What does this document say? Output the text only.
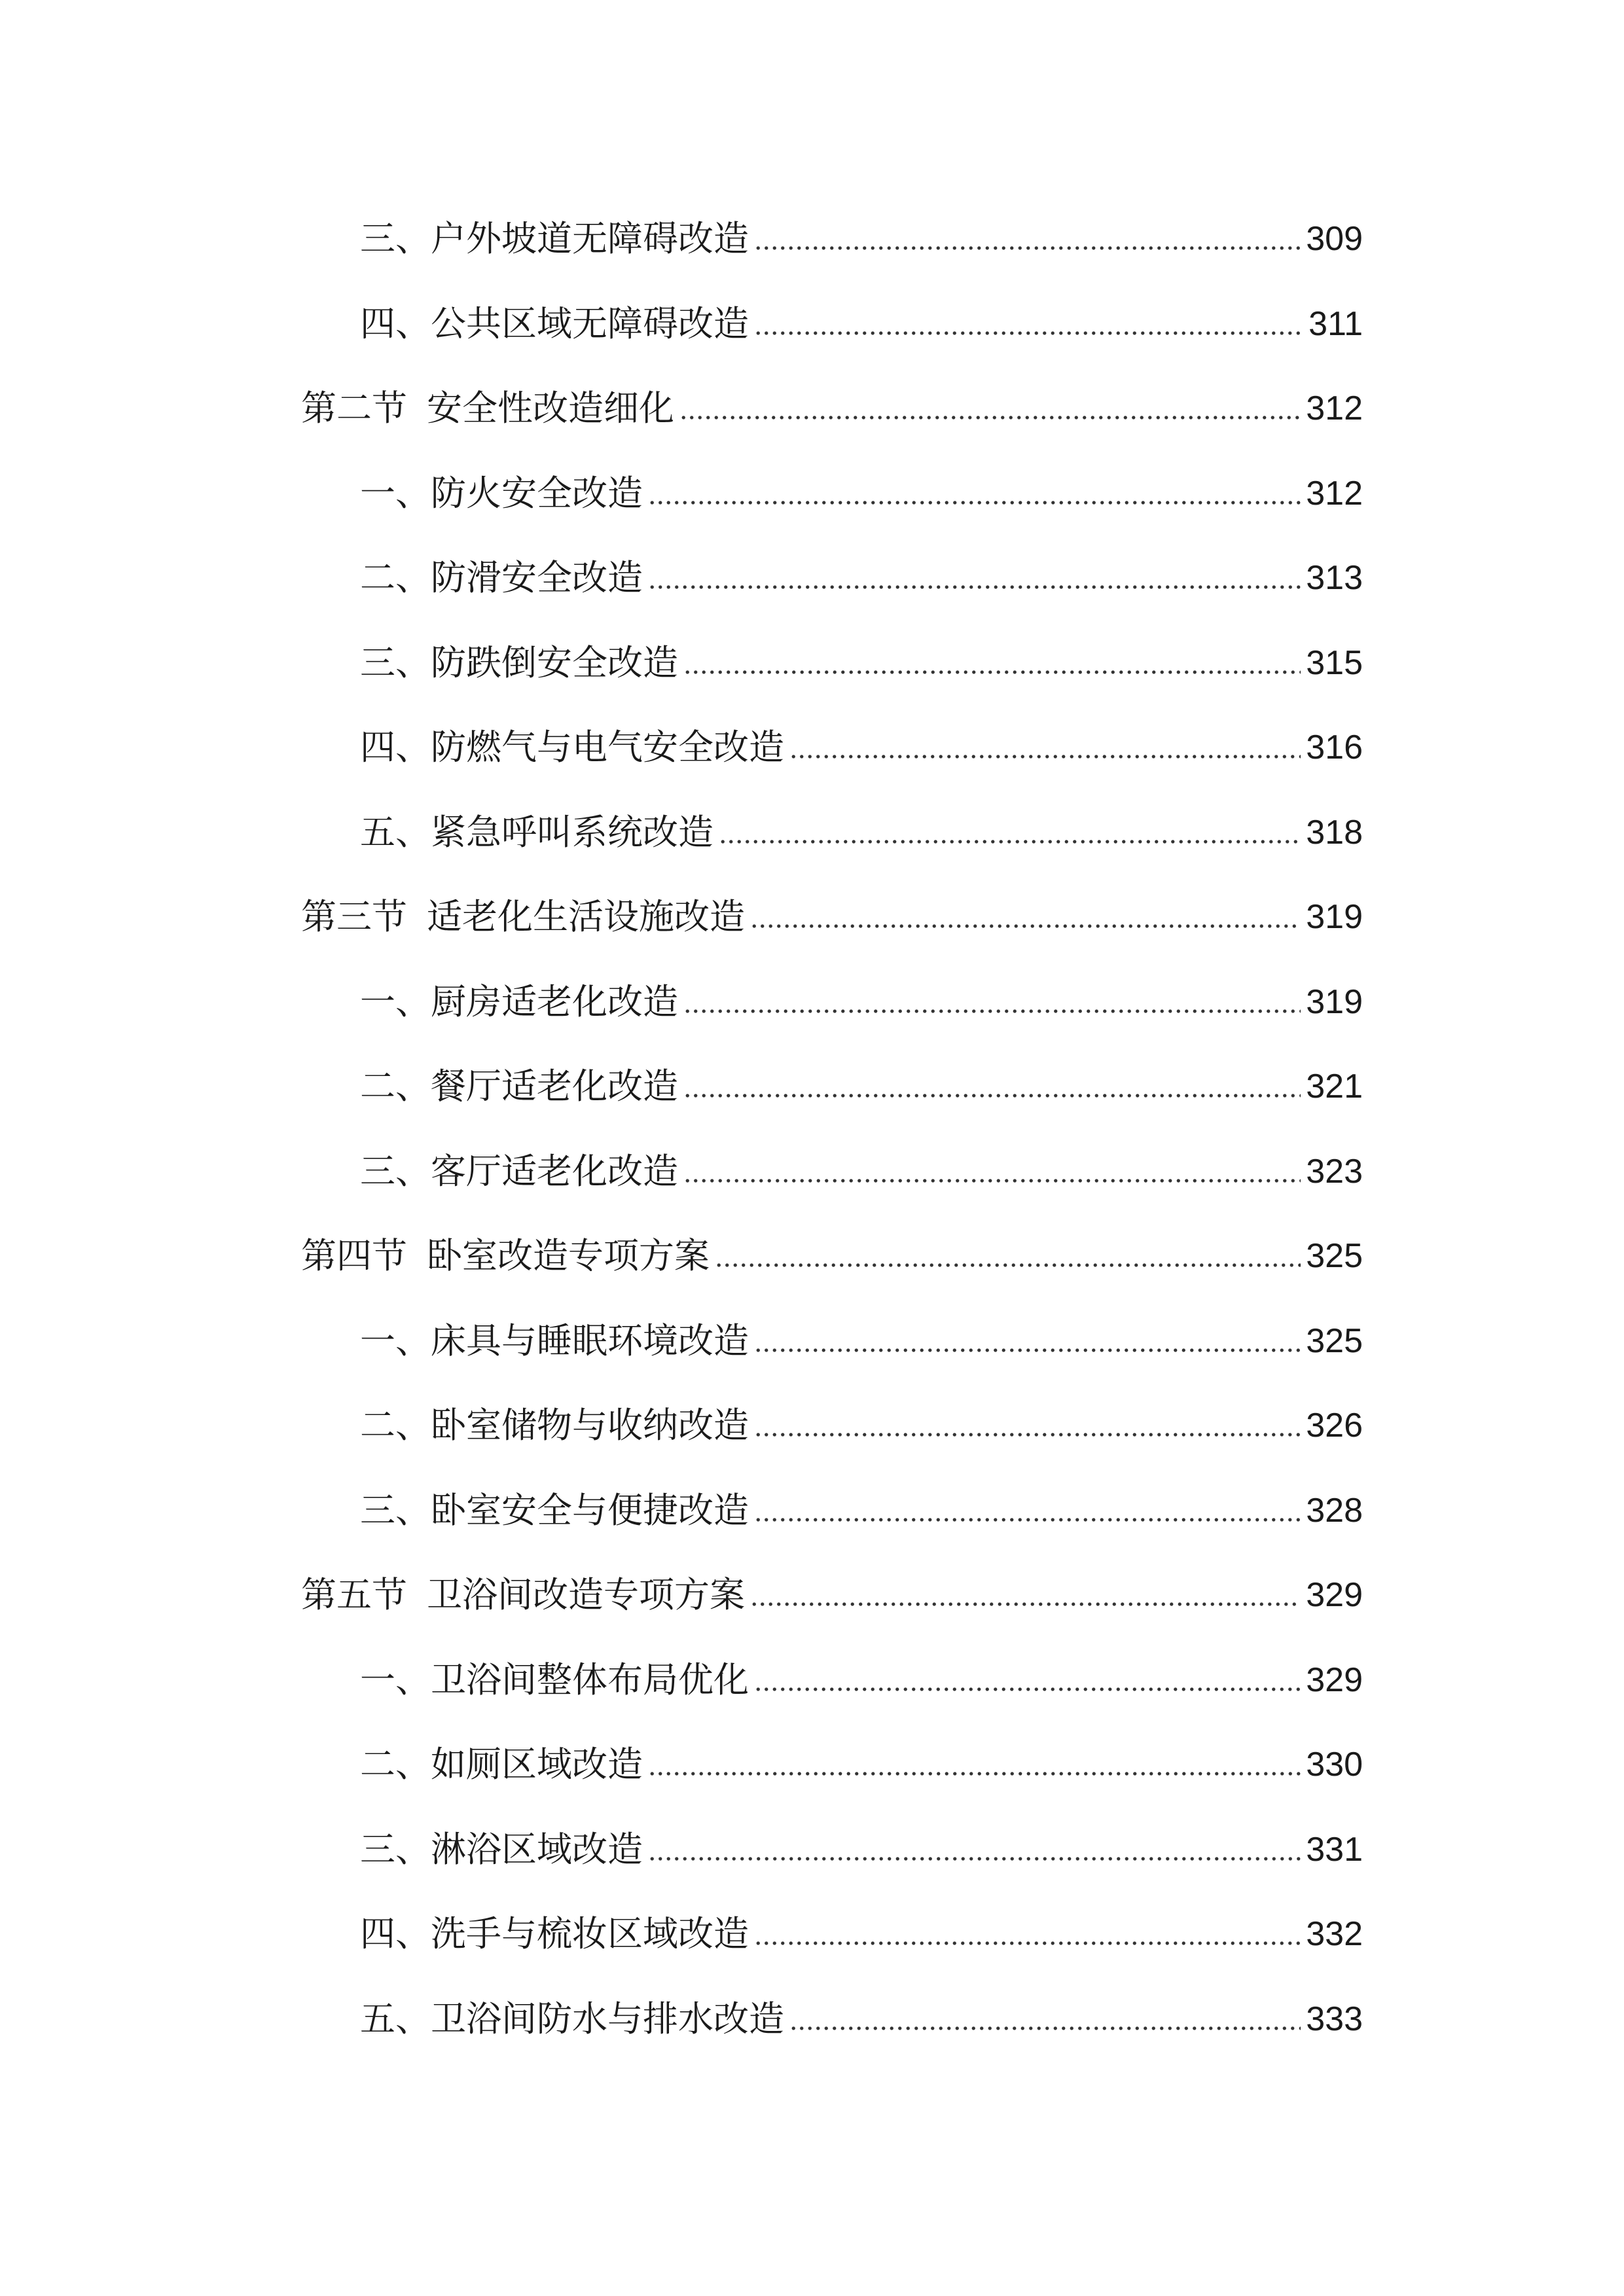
三、户外坡道无障碍改造	309
四、公共区域无障碍改造	311
第二节 安全性改造细化	312
一、防火安全改造	312
二、防滑安全改造	313
三、防跌倒安全改造	315
四、防燃气与电气安全改造	316
五、紧急呼叫系统改造	318
第三节 适老化生活设施改造	319
一、厨房适老化改造	319
二、餐厅适老化改造	321
三、客厅适老化改造	323
第四节 卧室改造专项方案	325
一、床具与睡眠环境改造	325
二、卧室储物与收纳改造	326
三、卧室安全与便捷改造	328
第五节 卫浴间改造专项方案	329
一、卫浴间整体布局优化	329
二、如厕区域改造	330
三、淋浴区域改造	331
四、洗手与梳妆区域改造	332
五、卫浴间防水与排水改造	333
